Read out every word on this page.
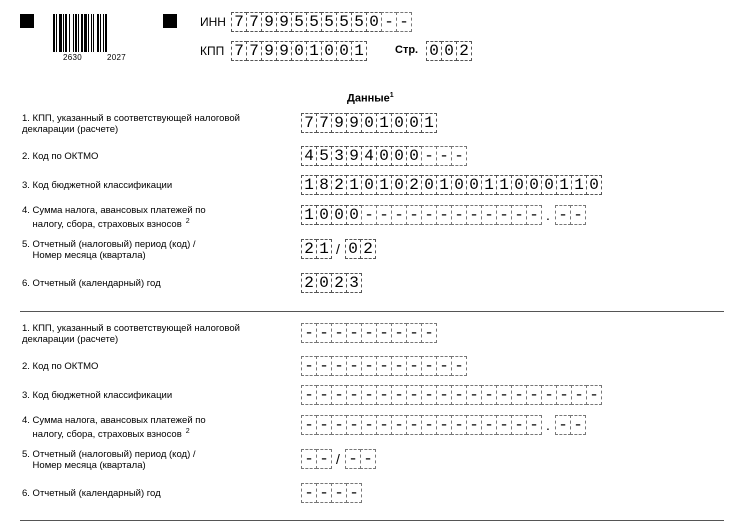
2630	2027
ИНН 7 7 9 9 5 5 5 5 5 0 - -
КПП 7 7 9 9 0 1 0 0 1	Стр. 0 0 2
Данные$^1$
1. КПП, указанный в соответствующей налоговой
декларации (расчете)	7 7 9 9 0 1 0 0 1
2. Код по ОКТМО	4 5 3 9 4 0 0 0 - - -
3. Код бюджетной классификации	1 8 2 1 0 1 0 2 0 1 0 0 1 1 0 0 0 1 1 0
4. Сумма налога, авансовых платежей по
налогу, сбора, страховых взносов $^2$	1 0 0 0 - - - - - - - - - - - - . - -
5. Отчетный (налоговый) период (код) /
Номер месяца (квартала)	2 1 / 0 2
6. Отчетный (календарный) год	2 0 2 3
1. КПП, указанный в соответствующей налоговой
декларации (расчете)	- - - - - - - - -
2. Код по ОКТМО	- - - - - - - - - - -
3. Код бюджетной классификации	- - - - - - - - - - - - - - - - - - - -
4. Сумма налога, авансовых платежей по
налогу, сбора, страховых взносов $^2$	- - - - - - - - - - - - - - - - . - -
5. Отчетный (налоговый) период (код) /
Номер месяца (квартала)	- - / - -
6. Отчетный (календарный) год	- - - -
